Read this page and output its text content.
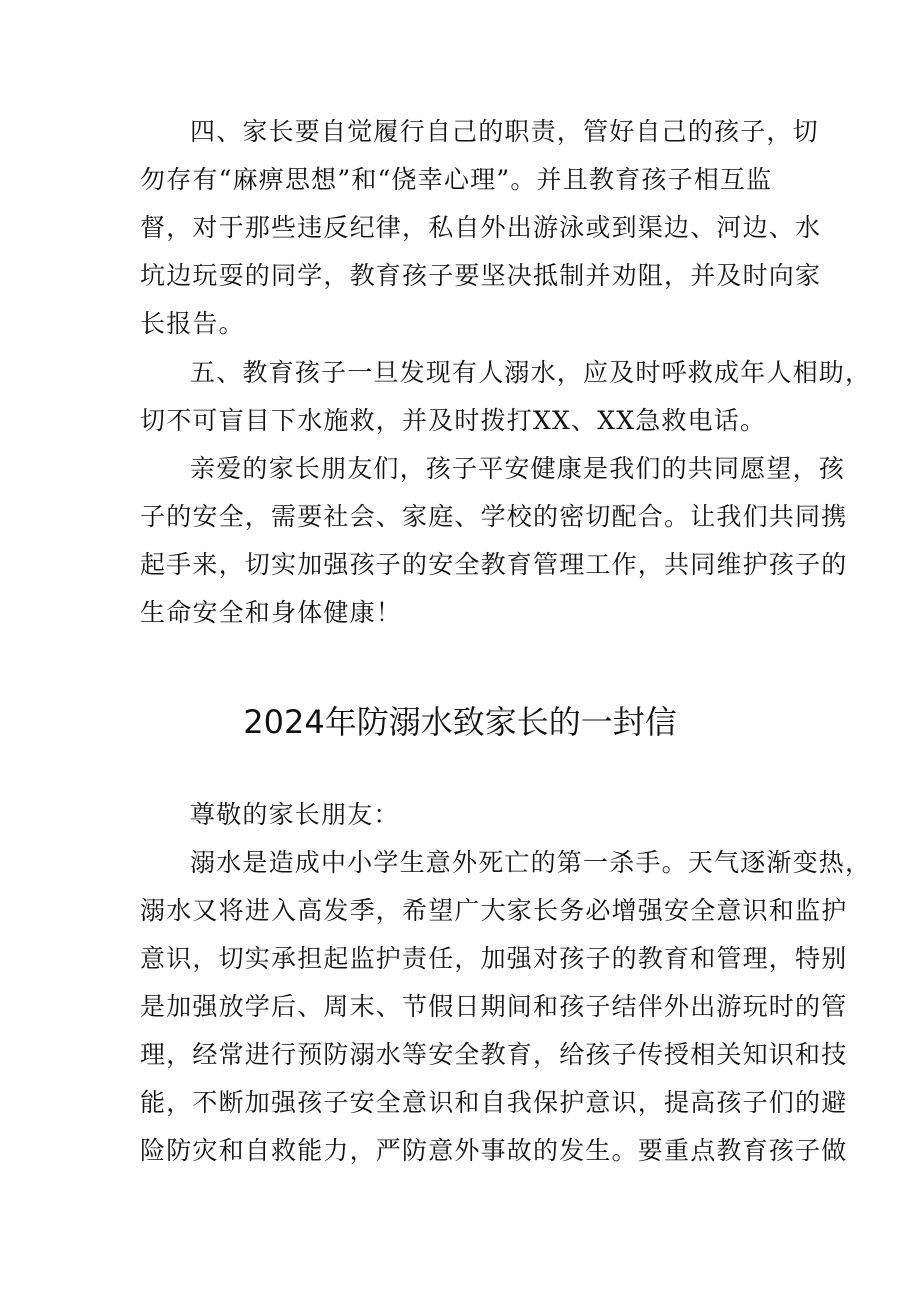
四、家长要自觉履行自己的职责，管好自己的孩子，切
勿存有“麻痹思想”和“侥幸心理”。并且教育孩子相互监
督，对于那些违反纪律，私自外出游泳或到渠边、河边、水
坑边玩耍的同学，教育孩子要坚决抵制并劝阻，并及时向家
长报告。
五、教育孩子一旦发现有人溺水，应及时呼救成年人相助，
切不可盲目下水施救，并及时拨打XX、XX急救电话。
亲爱的家长朋友们，孩子平安健康是我们的共同愿望，孩
子的安全，需要社会、家庭、学校的密切配合。让我们共同携
起手来，切实加强孩子的安全教育管理工作，共同维护孩子的
生命安全和身体健康！
2024年防溺水致家长的一封信
尊敬的家长朋友：
溺水是造成中小学生意外死亡的第一杀手。天气逐渐变热，
溺水又将进入高发季，希望广大家长务必增强安全意识和监护
意识，切实承担起监护责任，加强对孩子的教育和管理，特别
是加强放学后、周末、节假日期间和孩子结伴外出游玩时的管
理，经常进行预防溺水等安全教育，给孩子传授相关知识和技
能，不断加强孩子安全意识和自我保护意识，提高孩子们的避
险防灾和自救能力，严防意外事故的发生。要重点教育孩子做
